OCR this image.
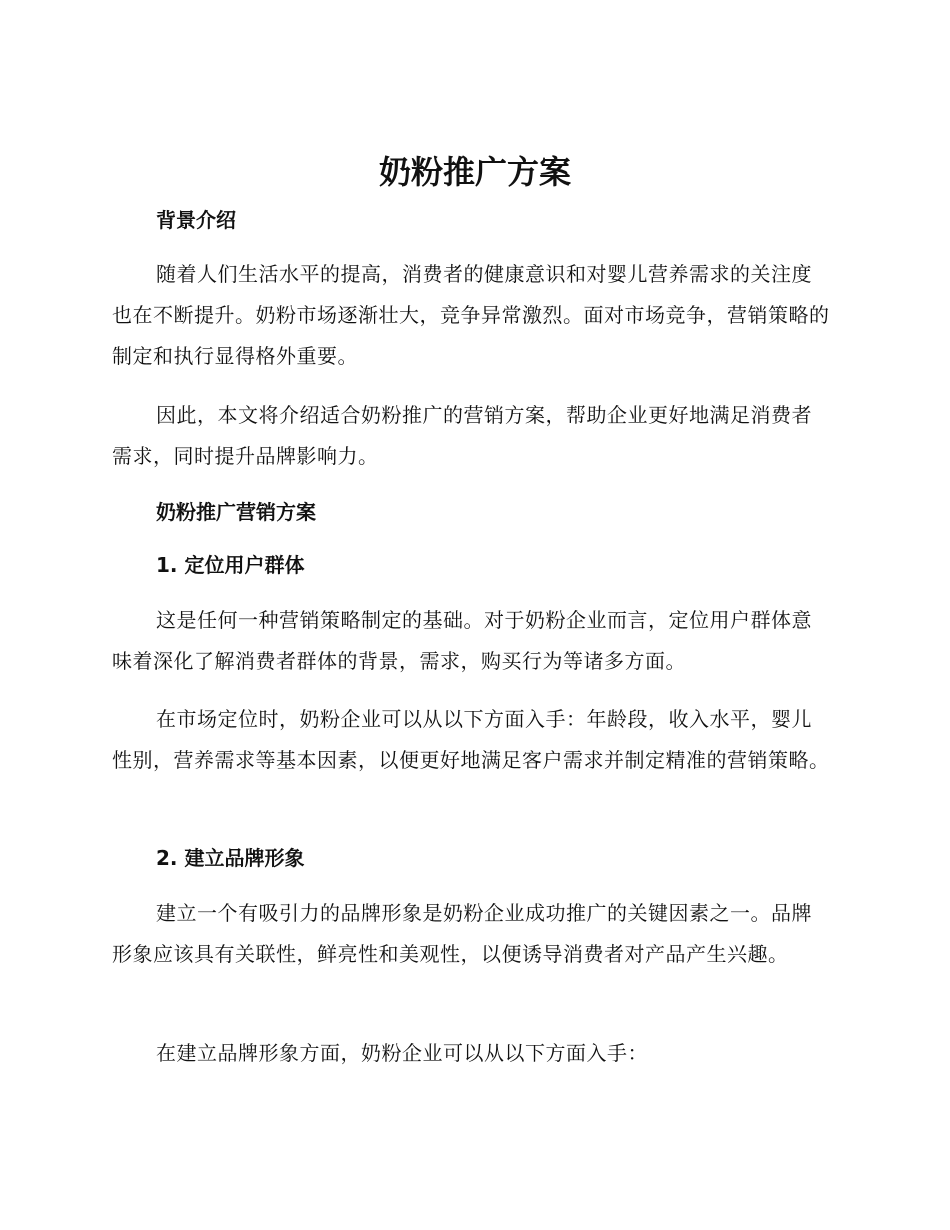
奶粉推广方案
背景介绍

随着人们生活水平的提高，消费者的健康意识和对婴儿营养需求的关注度也在不断提升。奶粉市场逐渐壮大，竞争异常激烈。面对市场竞争，营销策略的制定和执行显得格外重要。

因此，本文将介绍适合奶粉推广的营销方案，帮助企业更好地满足消费者需求，同时提升品牌影响力。

奶粉推广营销方案
1. 定位用户群体

这是任何一种营销策略制定的基础。对于奶粉企业而言，定位用户群体意味着深化了解消费者群体的背景，需求，购买行为等诸多方面。

在市场定位时，奶粉企业可以从以下方面入手：年龄段，收入水平，婴儿性别，营养需求等基本因素，以便更好地满足客户需求并制定精准的营销策略。

2. 建立品牌形象

建立一个有吸引力的品牌形象是奶粉企业成功推广的关键因素之一。品牌形象应该具有关联性，鲜亮性和美观性，以便诱导消费者对产品产生兴趣。

在建立品牌形象方面，奶粉企业可以从以下方面入手：
